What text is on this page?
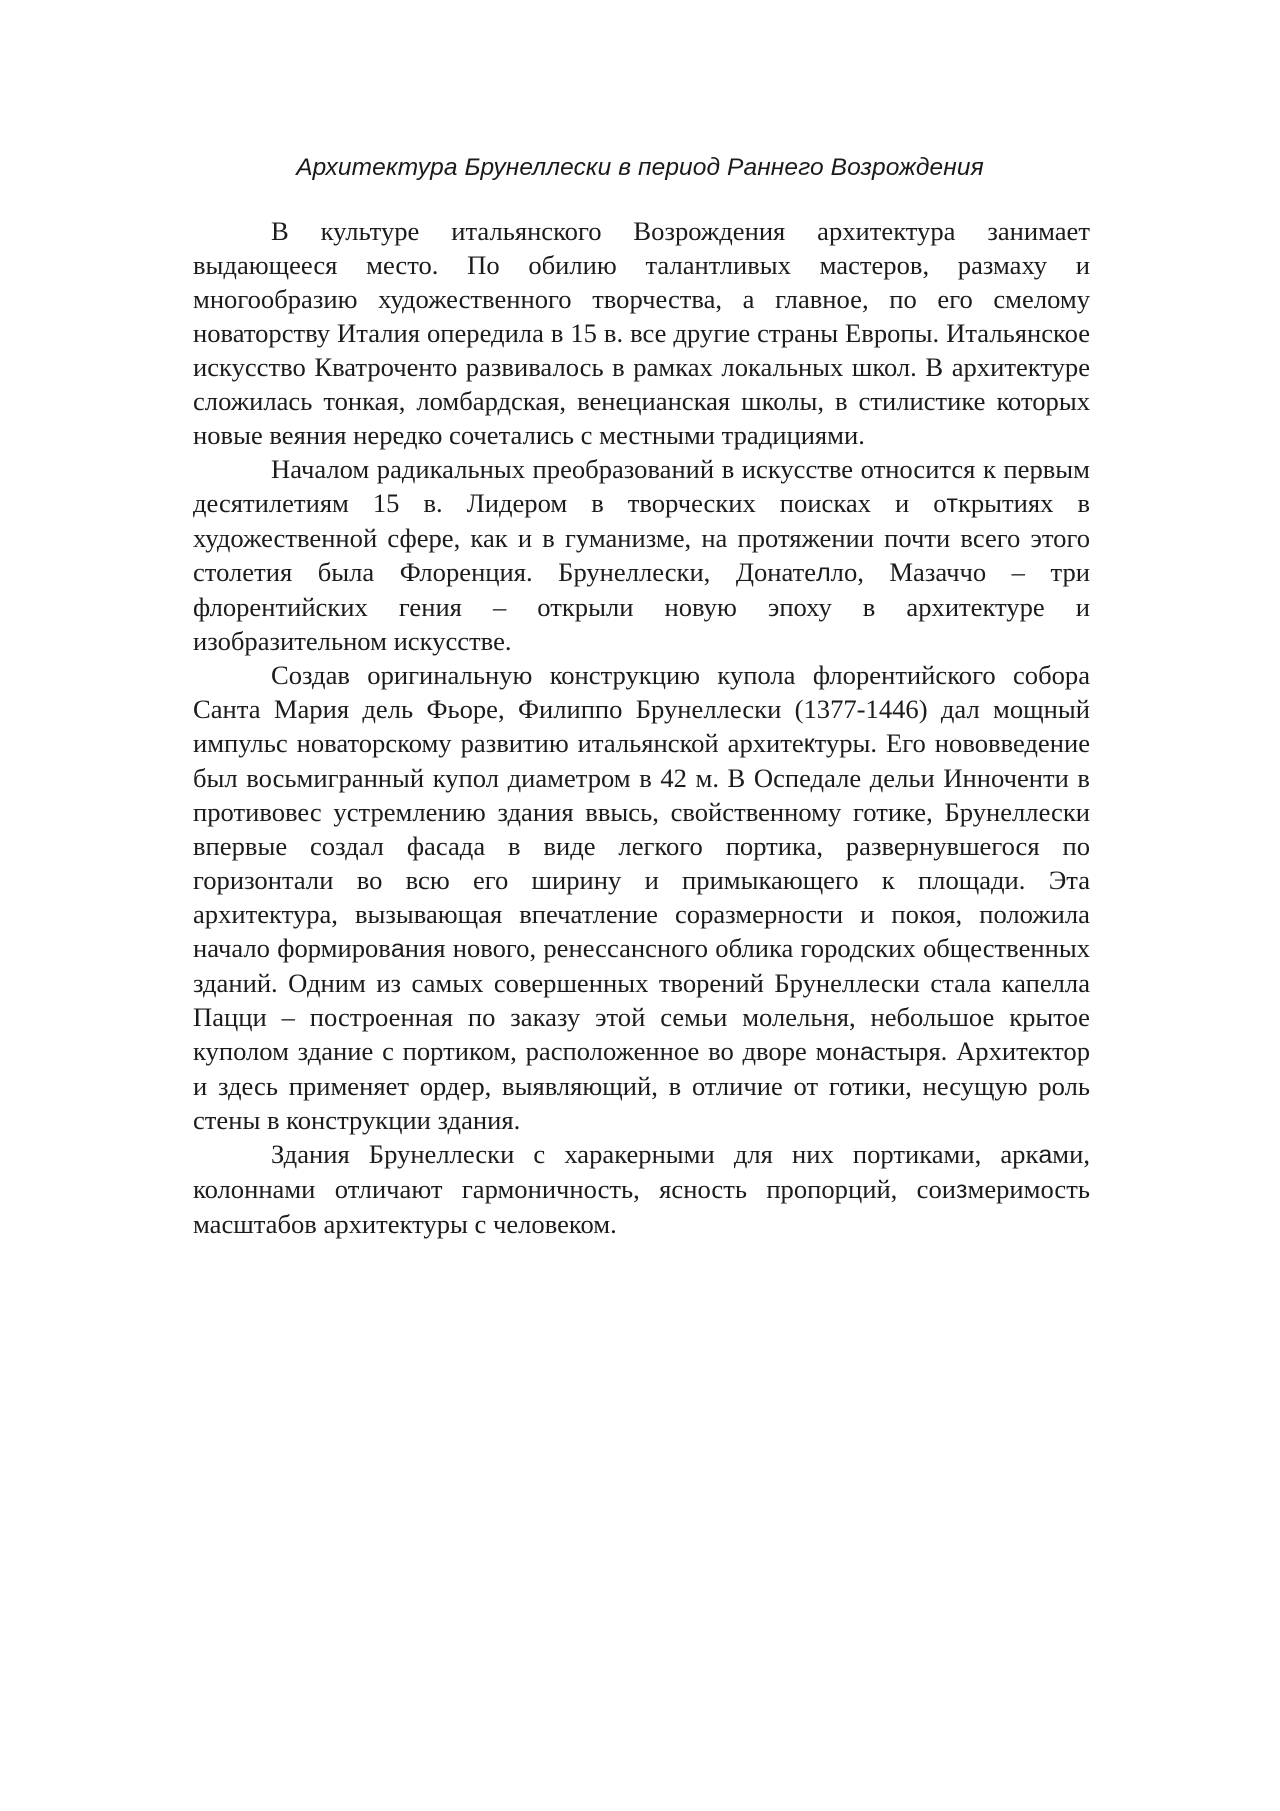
Архитектура Брунеллески в период Раннего Возрождения

В культуре итальянского Возрождения архитектура занимает выдающееся место. По обилию талантливых мастеров, размаху и многообразию художественного творчества, а главное, по его смелому новаторству Италия опередила в 15 в. все другие страны Европы. Итальянское искусство Кватроченто развивалось в рамках локальных школ. В архитектуре сложилась тонкая, ломбардская, венецианская школы, в стилистике которых новые веяния нередко сочетались с местными традициями.

Началом радикальных преобразований в искусстве относится к первым десятилетиям 15 в. Лидером в творческих поисках и открытиях в художественной сфере, как и в гуманизме, на протяжении почти всего этого столетия была Флоренция. Брунеллески, Донателло, Мазаччо – три флорентийских гения – открыли новую эпоху в архитектуре и изобразительном искусстве.

Создав оригинальную конструкцию купола флорентийского собора Санта Мария дель Фьоре, Филиппо Брунеллески (1377-1446) дал мощный импульс новаторскому развитию итальянской архитектуры. Его нововведение был восьмигранный купол диаметром в 42 м. В Оспедале дельи Инноченти в противовес устремлению здания ввысь, свойственному готике, Брунеллески впервые создал фасада в виде легкого портика, развернувшегося по горизонтали во всю его ширину и примыкающего к площади. Эта архитектура, вызывающая впечатление соразмерности и покоя, положила начало формирования нового, ренессансного облика городских общественных зданий. Одним из самых совершенных творений Брунеллески стала капелла Пацци – построенная по заказу этой семьи молельня, небольшое крытое куполом здание с портиком, расположенное во дворе монастыря. Архитектор и здесь применяет ордер, выявляющий, в отличие от готики, несущую роль стены в конструкции здания.

Здания Брунеллески с харакерными для них портиками, арками, колоннами отличают гармоничность, ясность пропорций, соизмеримость масштабов архитектуры с человеком.
